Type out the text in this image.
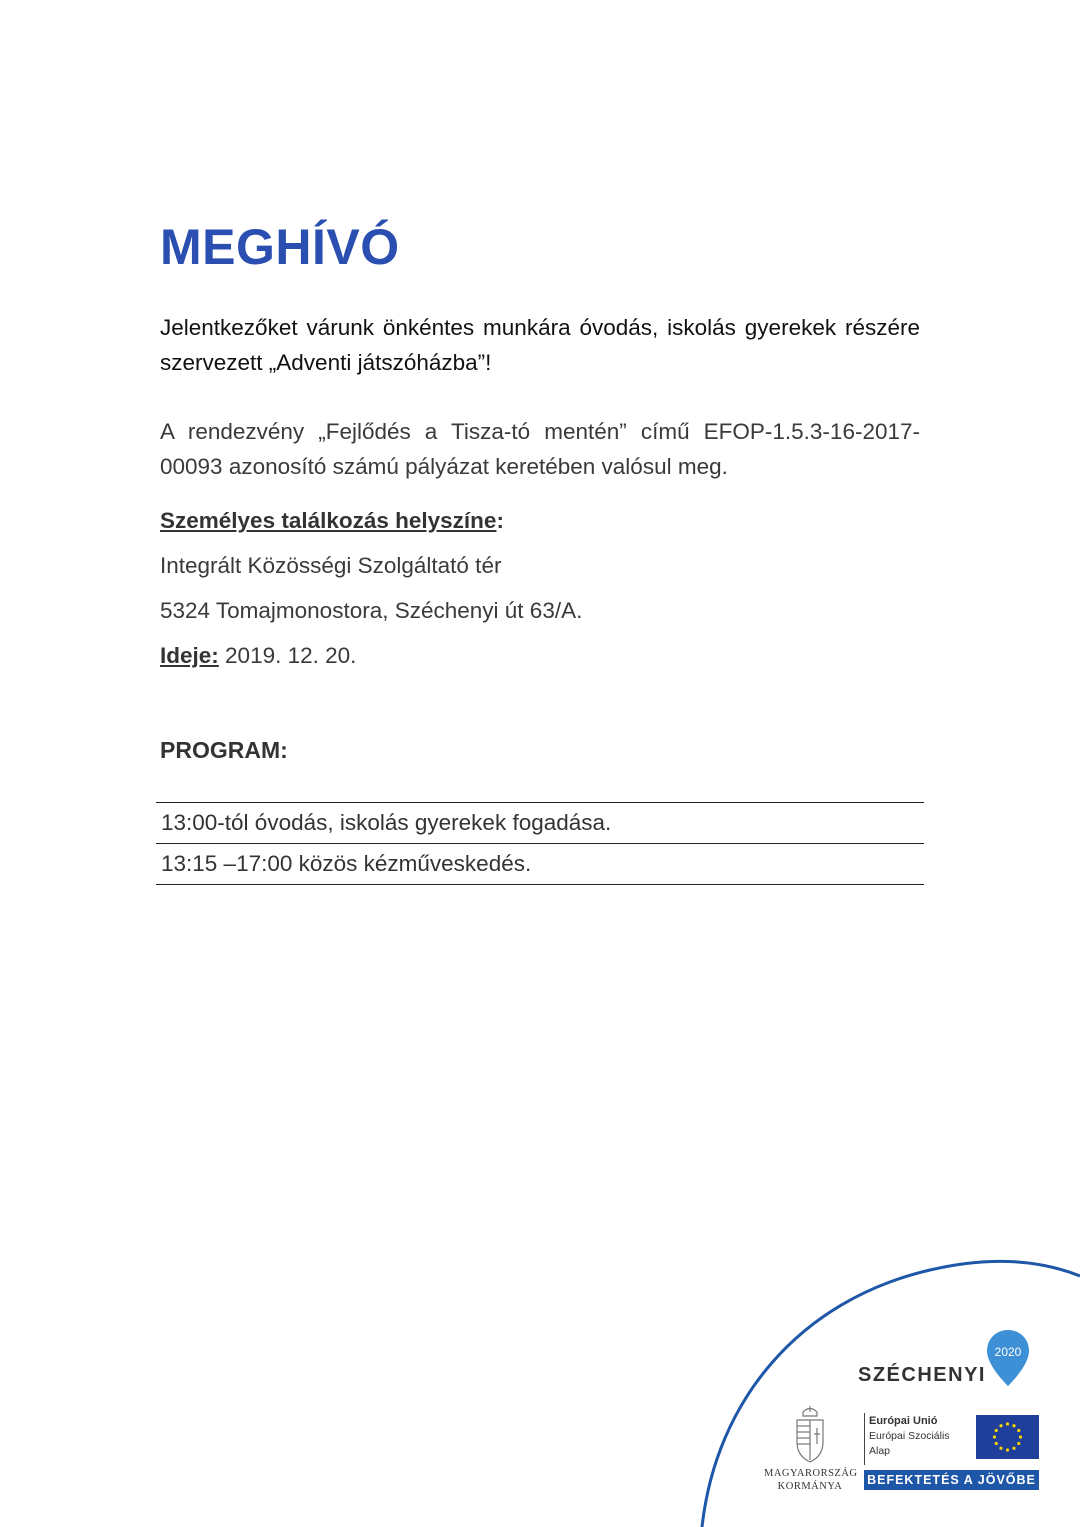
MEGHÍVÓ
Jelentkezőket várunk önkéntes munkára óvodás, iskolás gyerekek részére szervezett „Adventi játszóházba”!
A rendezvény „Fejlődés a Tisza-tó mentén” című EFOP-1.5.3-16-2017-00093 azonosító számú pályázat keretében valósul meg.
Személyes találkozás helyszíne:
Integrált Közösségi Szolgáltató tér
5324 Tomajmonostora, Széchenyi út 63/A.
Ideje: 2019. 12. 20.
PROGRAM:
13:00-tól óvodás, iskolás gyerekek fogadása.
13:15 –17:00 közös kézműveskedés.
SZÉCHENYI
2020
MAGYARORSZÁG
KORMÁNYA
Európai Unió
Európai Szociális
Alap
BEFEKTETÉS A JÖVŐBE
